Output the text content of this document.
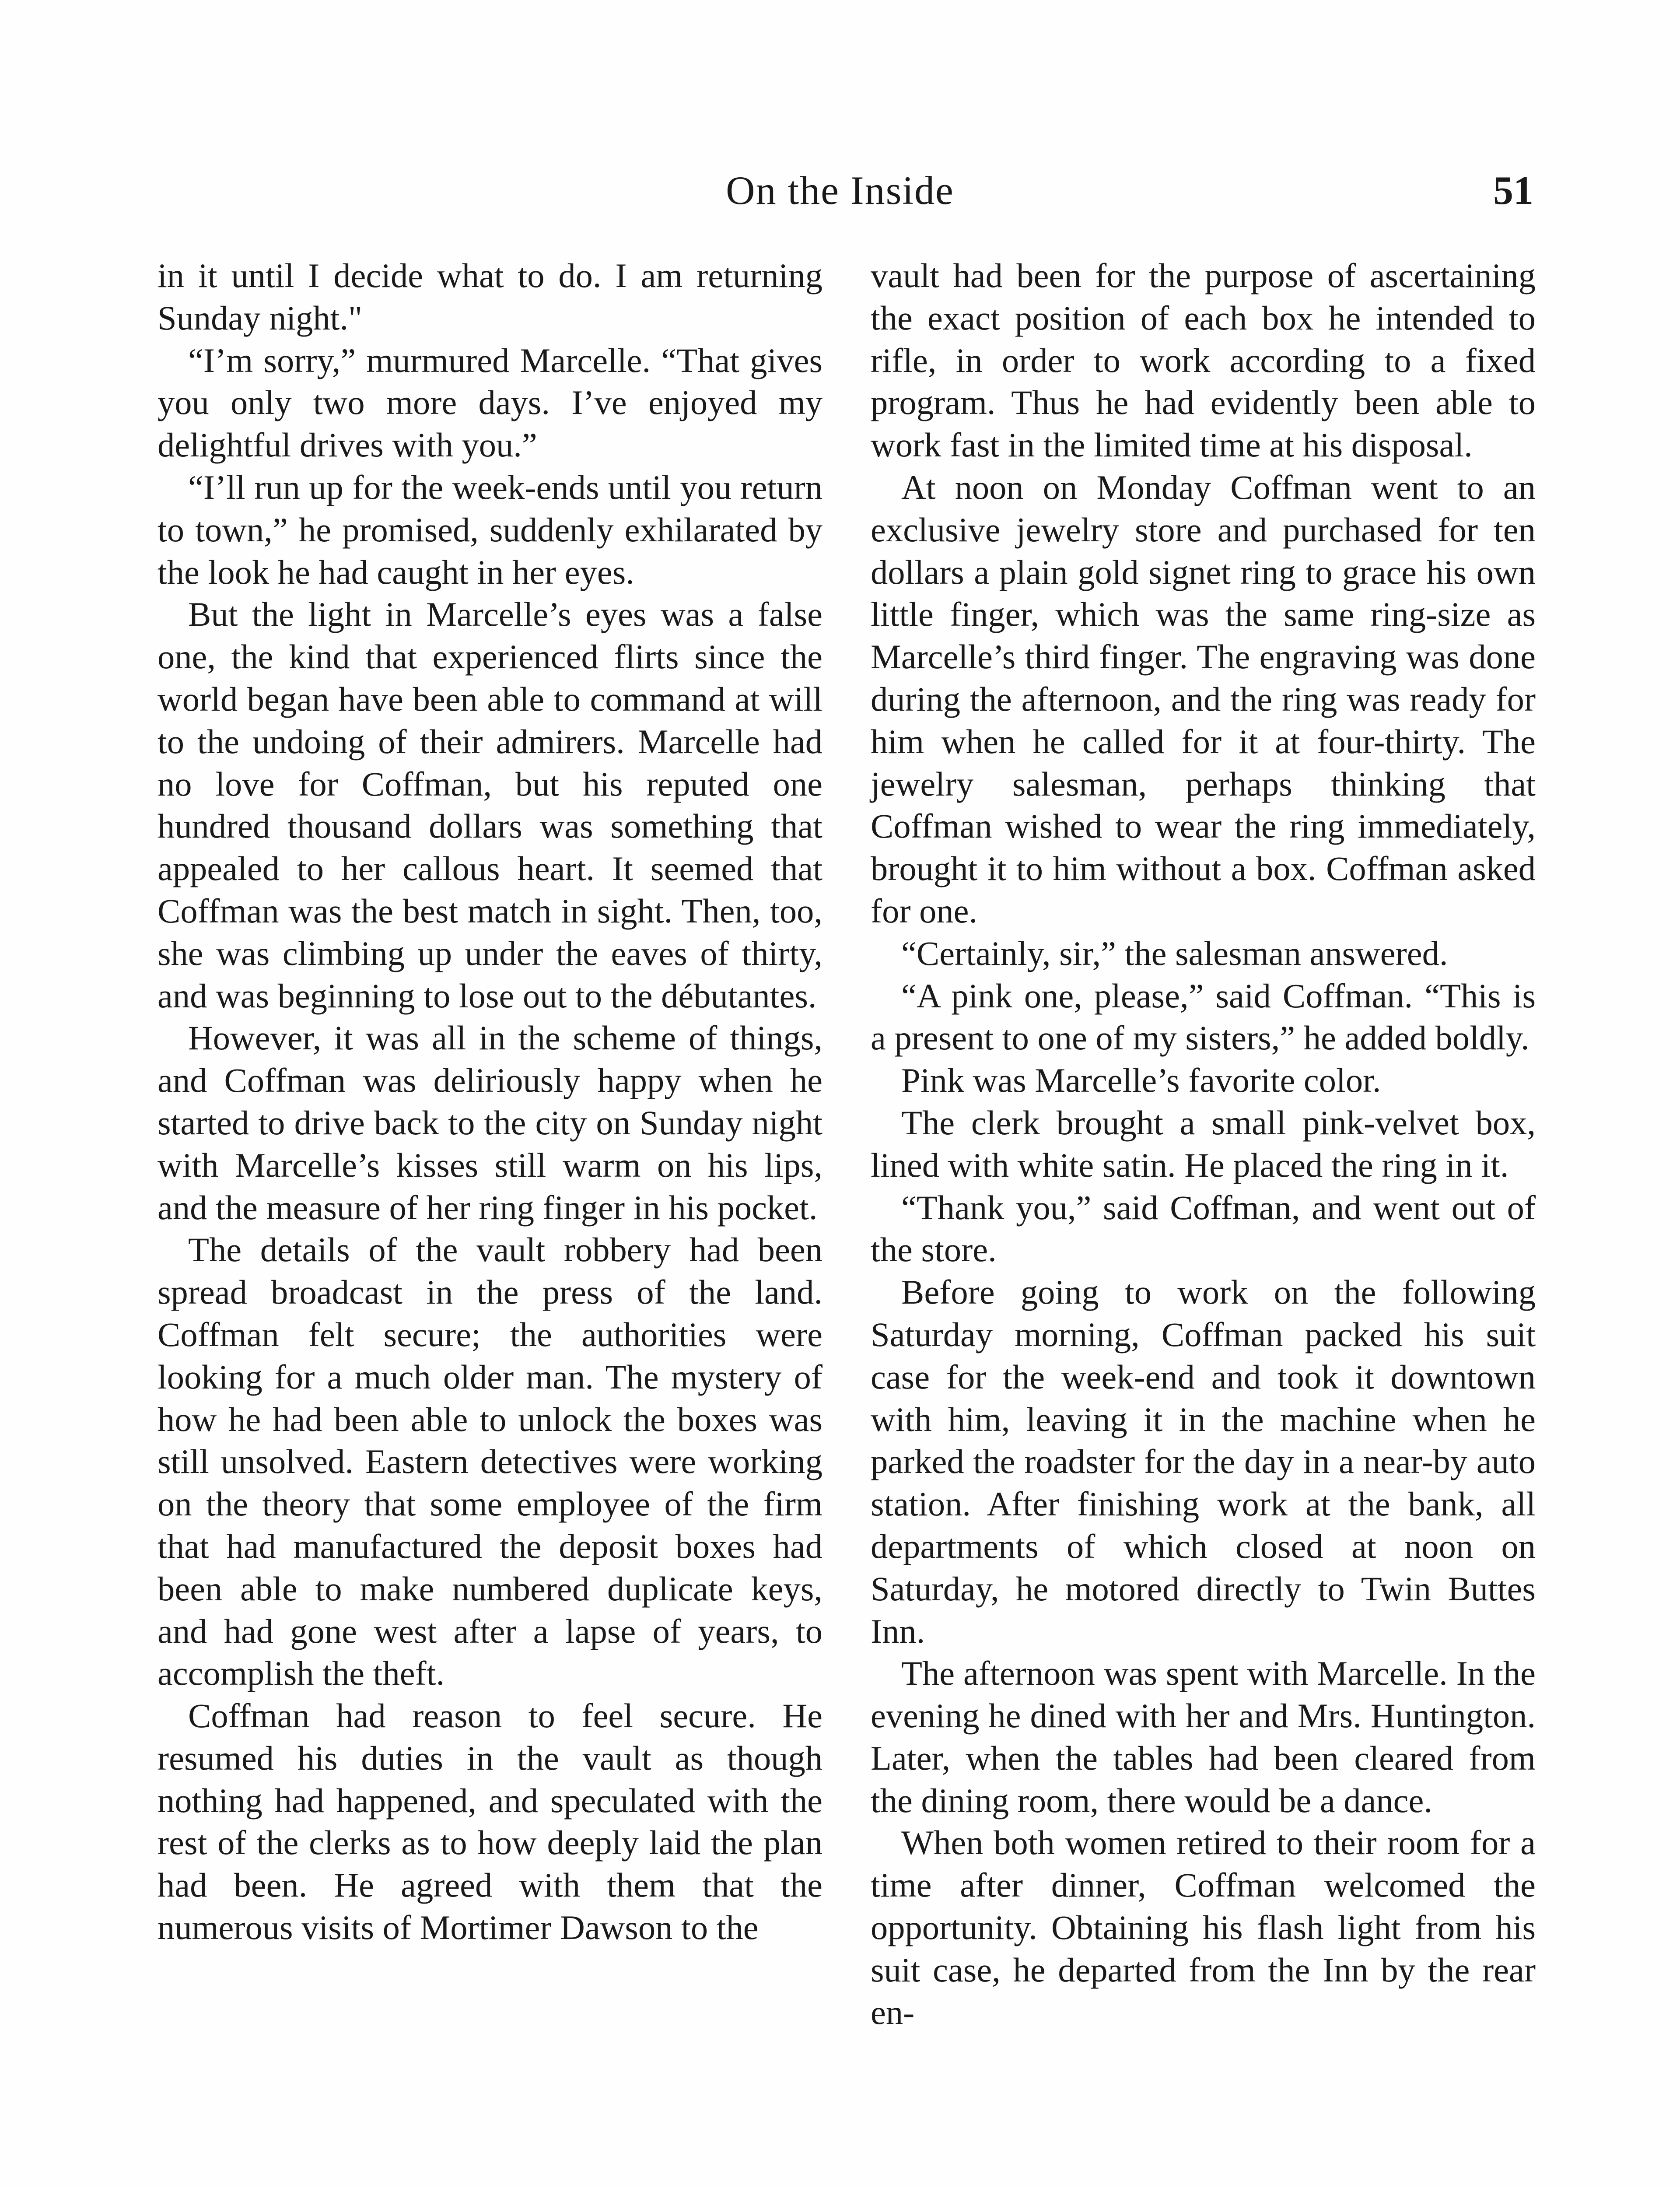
On the Inside	51

in it until I decide what to do. I am returning Sunday night."

“I’m sorry,” murmured Marcelle. “That gives you only two more days. I’ve enjoyed my delightful drives with you.”

“I’ll run up for the week-ends until you return to town,” he promised, suddenly exhilarated by the look he had caught in her eyes.

But the light in Marcelle’s eyes was a false one, the kind that experienced flirts since the world began have been able to command at will to the undoing of their admirers. Marcelle had no love for Coffman, but his reputed one hundred thousand dollars was something that appealed to her callous heart. It seemed that Coffman was the best match in sight. Then, too, she was climbing up under the eaves of thirty, and was beginning to lose out to the débutantes.

However, it was all in the scheme of things, and Coffman was deliriously happy when he started to drive back to the city on Sunday night with Marcelle’s kisses still warm on his lips, and the measure of her ring finger in his pocket.

The details of the vault robbery had been spread broadcast in the press of the land. Coffman felt secure; the authorities were looking for a much older man. The mystery of how he had been able to unlock the boxes was still unsolved. Eastern detectives were working on the theory that some employee of the firm that had manufactured the deposit boxes had been able to make numbered duplicate keys, and had gone west after a lapse of years, to accomplish the theft.

Coffman had reason to feel secure. He resumed his duties in the vault as though nothing had happened, and speculated with the rest of the clerks as to how deeply laid the plan had been. He agreed with them that the numerous visits of Mortimer Dawson to the

vault had been for the purpose of ascertaining the exact position of each box he intended to rifle, in order to work according to a fixed program. Thus he had evidently been able to work fast in the limited time at his disposal.

At noon on Monday Coffman went to an exclusive jewelry store and purchased for ten dollars a plain gold signet ring to grace his own little finger, which was the same ring-size as Marcelle’s third finger. The engraving was done during the afternoon, and the ring was ready for him when he called for it at four-thirty. The jewelry salesman, perhaps thinking that Coffman wished to wear the ring immediately, brought it to him without a box. Coffman asked for one.

“Certainly, sir,” the salesman answered.

“A pink one, please,” said Coffman. “This is a present to one of my sisters,” he added boldly.

Pink was Marcelle’s favorite color.

The clerk brought a small pink-velvet box, lined with white satin. He placed the ring in it.

“Thank you,” said Coffman, and went out of the store.

Before going to work on the following Saturday morning, Coffman packed his suit case for the week-end and took it downtown with him, leaving it in the machine when he parked the roadster for the day in a near-by auto station. After finishing work at the bank, all departments of which closed at noon on Saturday, he motored directly to Twin Buttes Inn.

The afternoon was spent with Marcelle. In the evening he dined with her and Mrs. Huntington. Later, when the tables had been cleared from the dining room, there would be a dance.

When both women retired to their room for a time after dinner, Coffman welcomed the opportunity. Obtaining his flash light from his suit case, he departed from the Inn by the rear en-
